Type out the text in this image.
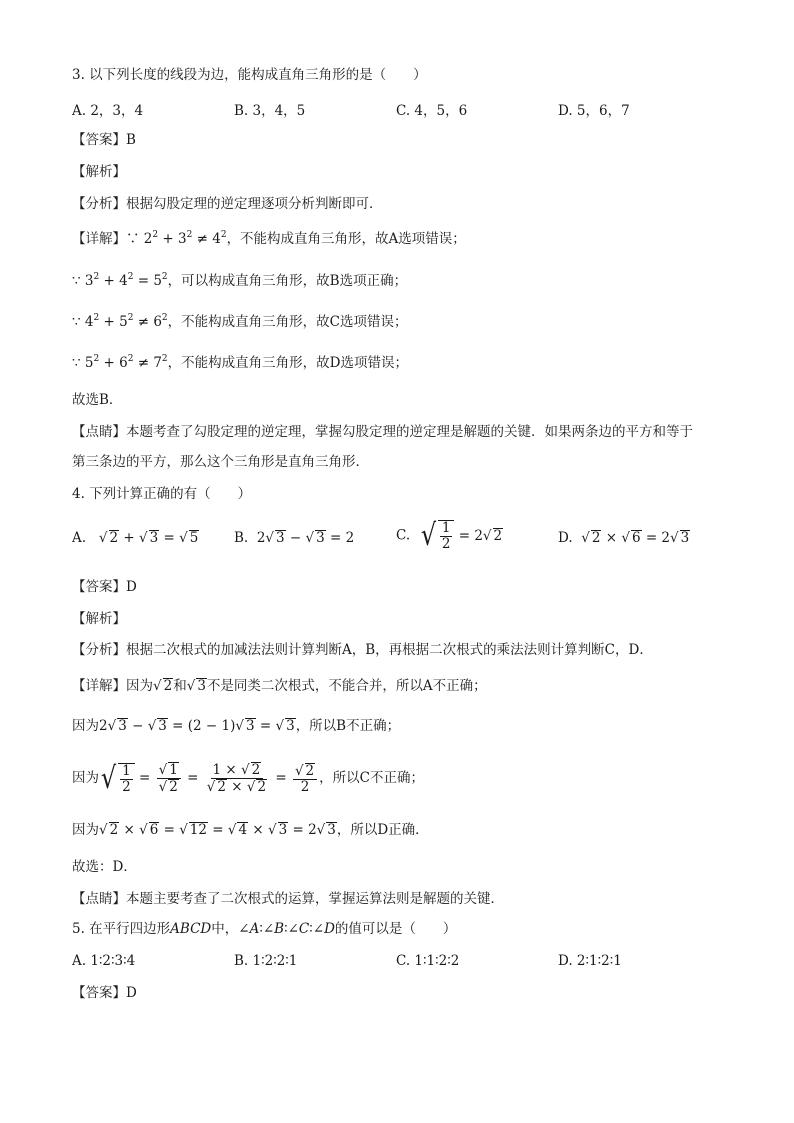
3. 以下列长度的线段为边，能构成直角三角形的是（　　）
A. 2，3，4	B. 3，4，5	C. 4，5，6	D. 5，6，7
【答案】B
【解析】
【分析】根据勾股定理的逆定理逐项分析判断即可．
【详解】∵ $2^2 + 3^2 \ne 4^2$，不能构成直角三角形，故A选项错误；
∵ $3^2 + 4^2 = 5^2$，可以构成直角三角形，故B选项正确；
∵ $4^2 + 5^2 \ne 6^2$，不能构成直角三角形，故C选项错误；
∵ $5^2 + 6^2 \ne 7^2$，不能构成直角三角形，故D选项错误；
故选B．
【点睛】本题考查了勾股定理的逆定理，掌握勾股定理的逆定理是解题的关键．如果两条边的平方和等于
第三条边的平方，那么这个三角形是直角三角形．
4. 下列计算正确的有（　　）
A. √ 2 + √ 3 = √ 5	B. 2√ 3 − √ 3 = 2	C. √ $\frac{1}{2} = 2√$ 2	D. √ 2 × √ 6 = 2√ 3
【答案】D
【解析】
【分析】根据二次根式的加减法法则计算判断A，B，再根据二次根式的乘法法则计算判断C，D．
【详解】因为√ 2和√ 3不是同类二次根式，不能合并，所以A不正确；
因为2√ 3 − √ 3 = (2 − 1)√ 3 = √ 3，所以B不正确；
因为 √ $\frac{1}{2} = \frac{√ 1}{√ 2} = \frac{1 \times √ 2}{√ 2 \times √ 2} = \frac{√ 2}{2}$ ，所以C不正确；
因为√ 2 × √ 6 = √ 12 = √ 4 × √ 3 = 2√ 3，所以D正确．
故选：D．
【点睛】本题主要考查了二次根式的运算，掌握运算法则是解题的关键．
5. 在平行四边形ABCD中，∠A∶∠B∶∠C∶∠D的值可以是（　　）
A. 1∶2∶3∶4	B. 1∶2∶2∶1	C. 1∶1∶2∶2	D. 2∶1∶2∶1
【答案】D
